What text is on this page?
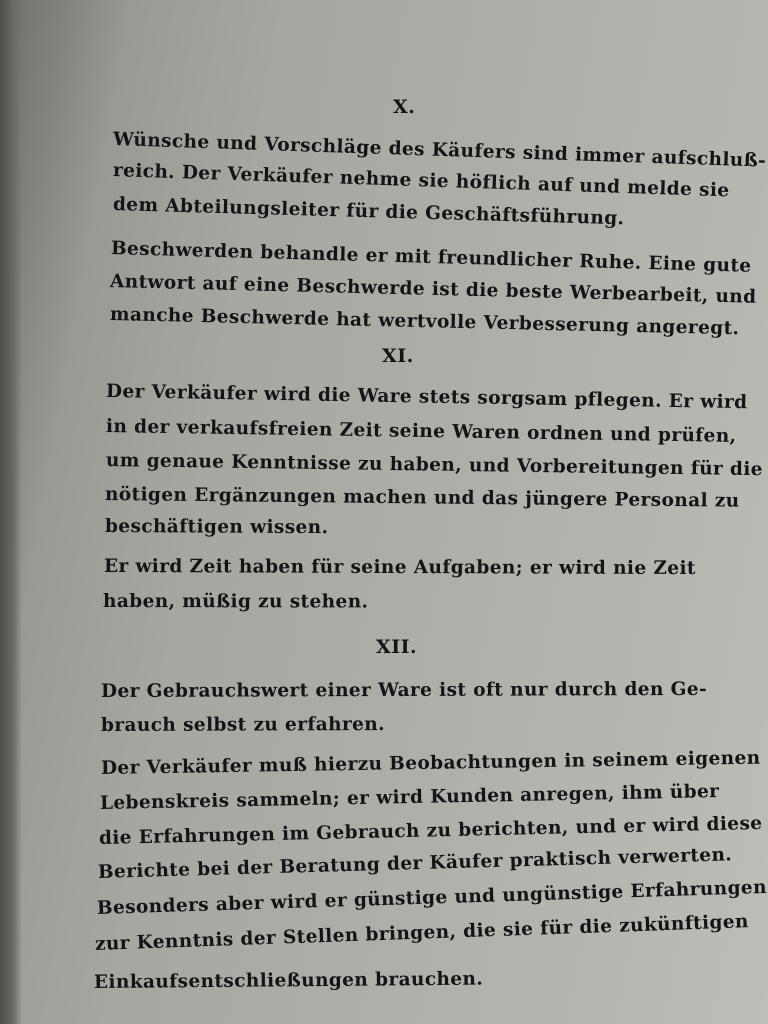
X.
Wünsche und Vorschläge des Käufers sind immer aufschluß-
reich. Der Verkäufer nehme sie höflich auf und melde sie
dem Abteilungsleiter für die Geschäftsführung.
Beschwerden behandle er mit freundlicher Ruhe. Eine gute
Antwort auf eine Beschwerde ist die beste Werbearbeit, und
manche Beschwerde hat wertvolle Verbesserung angeregt.
XI.
Der Verkäufer wird die Ware stets sorgsam pflegen. Er wird
in der verkaufsfreien Zeit seine Waren ordnen und prüfen,
um genaue Kenntnisse zu haben, und Vorbereitungen für die
nötigen Ergänzungen machen und das jüngere Personal zu
beschäftigen wissen.
Er wird Zeit haben für seine Aufgaben; er wird nie Zeit
haben, müßig zu stehen.
XII.
Der Gebrauchswert einer Ware ist oft nur durch den Ge-
brauch selbst zu erfahren.
Der Verkäufer muß hierzu Beobachtungen in seinem eigenen
Lebenskreis sammeln; er wird Kunden anregen, ihm über
die Erfahrungen im Gebrauch zu berichten, und er wird diese
Berichte bei der Beratung der Käufer praktisch verwerten.
Besonders aber wird er günstige und ungünstige Erfahrungen
zur Kenntnis der Stellen bringen, die sie für die zukünftigen
Einkaufsentschließungen brauchen.
